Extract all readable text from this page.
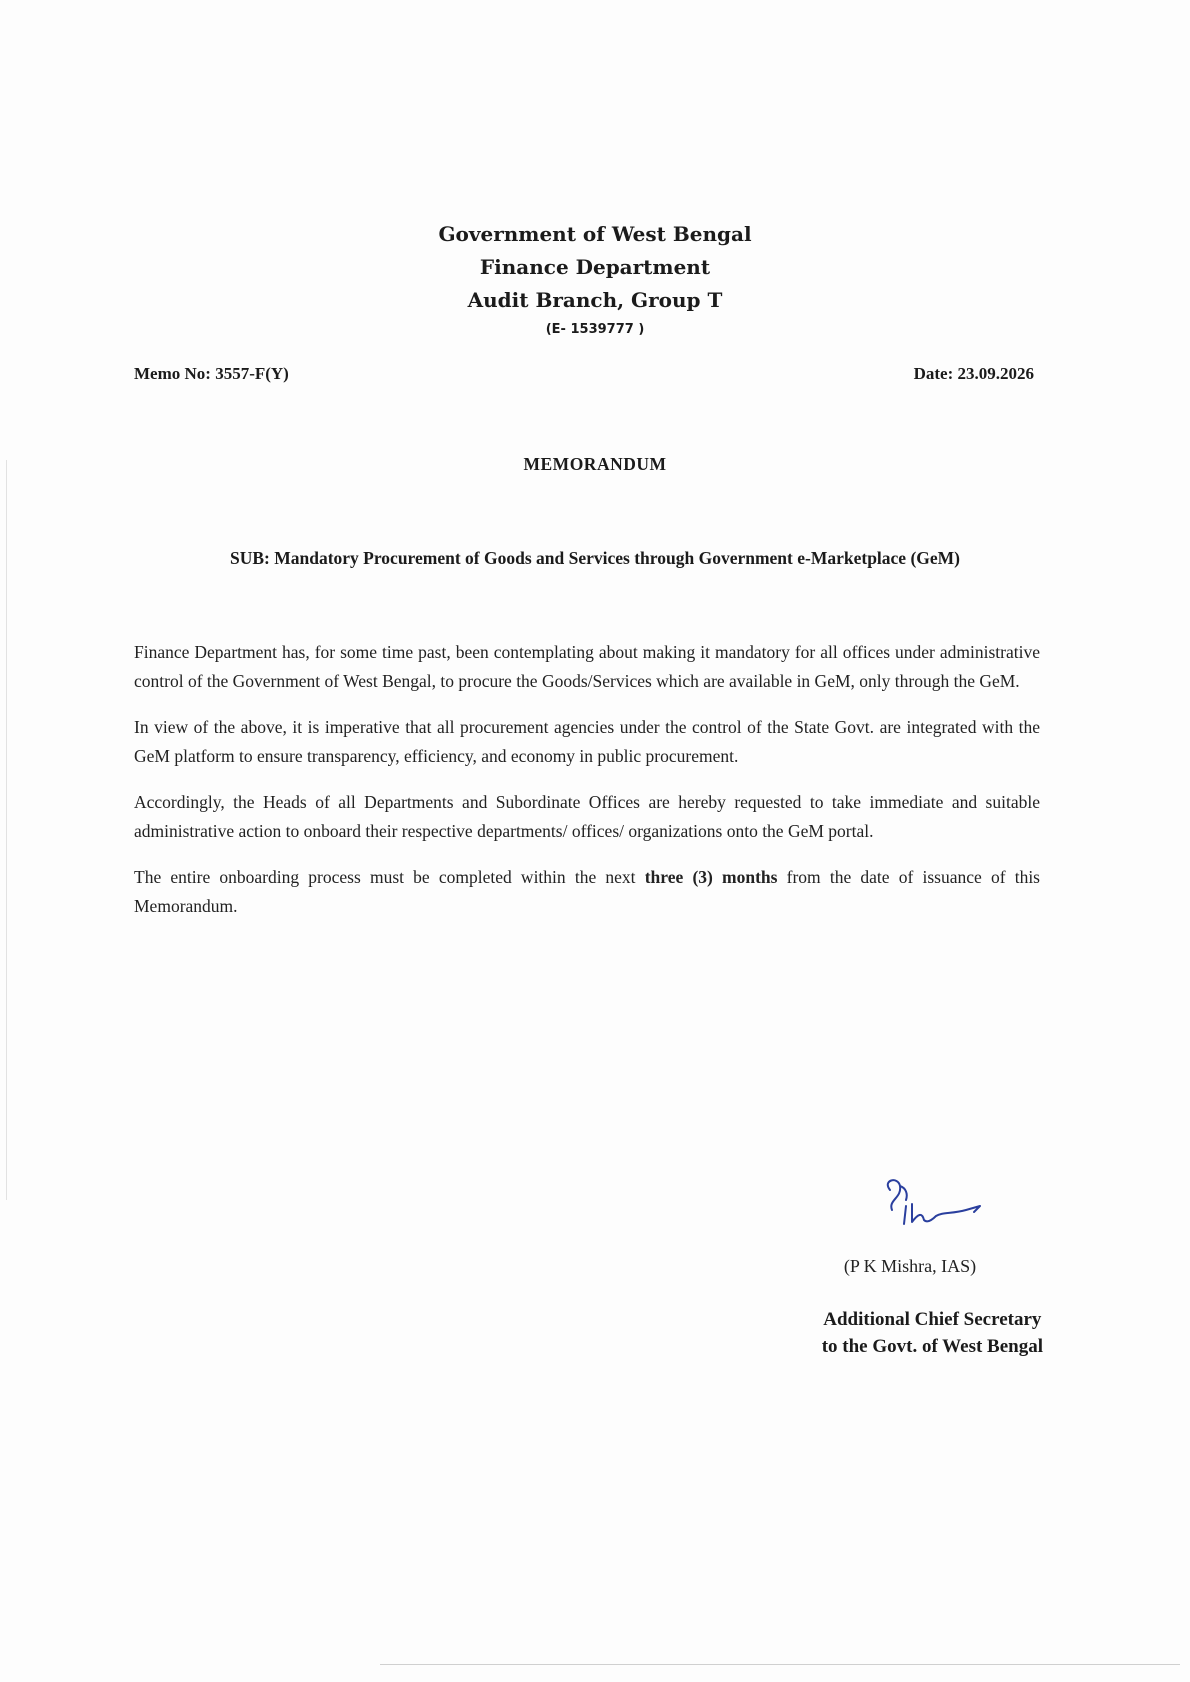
Government of West Bengal
Finance Department
Audit Branch, Group T
(E- 1539777 )
Memo No: 3557-F(Y)	Date: 23.09.2026
MEMORANDUM
SUB: Mandatory Procurement of Goods and Services through Government e-Marketplace (GeM)

Finance Department has, for some time past, been contemplating about making it mandatory for all offices under administrative control of the Government of West Bengal, to procure the Goods/Services which are available in GeM, only through the GeM.

In view of the above, it is imperative that all procurement agencies under the control of the State Govt. are integrated with the GeM platform to ensure transparency, efficiency, and economy in public procurement.

Accordingly, the Heads of all Departments and Subordinate Offices are hereby requested to take immediate and suitable administrative action to onboard their respective departments/ offices/ organizations onto the GeM portal.

The entire onboarding process must be completed within the next three (3) months from the date of issuance of this Memorandum.

(P K Mishra, IAS)
Additional Chief Secretary
to the Govt. of West Bengal
